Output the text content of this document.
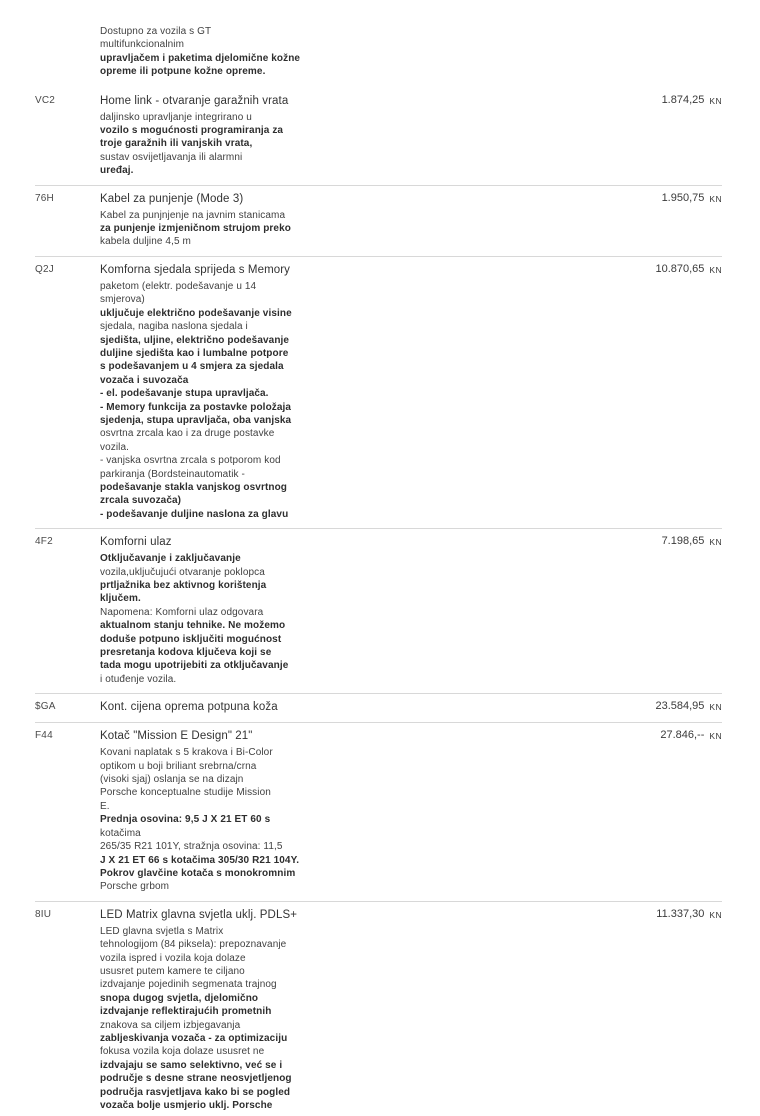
Dostupno za vozila s GT
multifunkcionalnim
upravljačem i paketima djelomične kožne
opreme ili potpune kožne opreme.
VC2	Home link - otvaranje garažnih vrata
daljinsko upravljanje integrirano u
vozilo s mogućnosti programiranja za
troje garažnih ili vanjskih vrata,
sustav osvijetljavanja ili alarmni
uređaj.
1.874,25 KN
76H	Kabel za punjenje (Mode 3)
Kabel za punjnjenje na javnim stanicama
za punjenje izmjeničnom strujom preko
kabela duljine 4,5 m
1.950,75 KN
Q2J	Komforna sjedala sprijeda s Memory
paketom (elektr. podešavanje u 14
smjerova)
uključuje električno podešavanje visine
sjedala, nagiba naslona sjedala i
sjedišta, uljine, električno podešavanje
duljine sjedišta kao i lumbalne potpore
s podešavanjem u 4 smjera za sjedala
vozača i suvozača
- el. podešavanje stupa upravljača.
- Memory funkcija za postavke položaja
sjedenja, stupa upravljača, oba vanjska
osvrtna zrcala kao i za druge postavke
vozila.
- vanjska osvrtna zrcala s potporom kod
parkiranja (Bordsteinautomatik -
podešavanje stakla vanjskog osvrtnog
zrcala suvozača)
- podešavanje duljine naslona za glavu
10.870,65 KN
4F2	Komforni ulaz
Otključavanje i zaključavanje
vozila,uključujući otvaranje poklopca
prtljažnika bez aktivnog korištenja
ključem.
Napomena: Komforni ulaz odgovara
aktualnom stanju tehnike. Ne možemo
doduše potpuno isključiti mogućnost
presretanja kodova ključeva koji se
tada mogu upotrijebiti za otključavanje
i otuđenje vozila.
7.198,65 KN
$GA	Kont. cijena oprema potpuna koža	23.584,95 KN
F44	Kotač "Mission E Design" 21"
Kovani naplatak s 5 krakova i Bi-Color
optikom u boji briliant srebrna/crna
(visoki sjaj) oslanja se na dizajn
Porsche konceptualne studije Mission
E.
Prednja osovina: 9,5 J X 21 ET 60 s
kotačima
265/35 R21 101Y, stražnja osovina: 11,5
J X 21 ET 66 s kotačima 305/30 R21 104Y.
Pokrov glavčine kotača s monokromnim
Porsche grbom
27.846,-- KN
8IU	LED Matrix glavna svjetla uklj. PDLS+
LED glavna svjetla s Matrix
tehnologijom (84 piksela): prepoznavanje
vozila ispred i vozila koja dolaze
ususret putem kamere te ciljano
izdvajanje pojedinih segmenata trajnog
snopa dugog svjetla, djelomično
izdvajanje reflektirajućih prometnih
znakova sa ciljem izbjegavanja
zabljeskivanja vozača - za optimizaciju
fokusa vozila koja dolaze ususret ne
izdvajaju se samo selektivno, već se i
područje s desne strane neosvjetljenog
područja rasvjetljava kako bi se pogled
vozača bolje usmjerio uklj. Porsche
11.337,30 KN
